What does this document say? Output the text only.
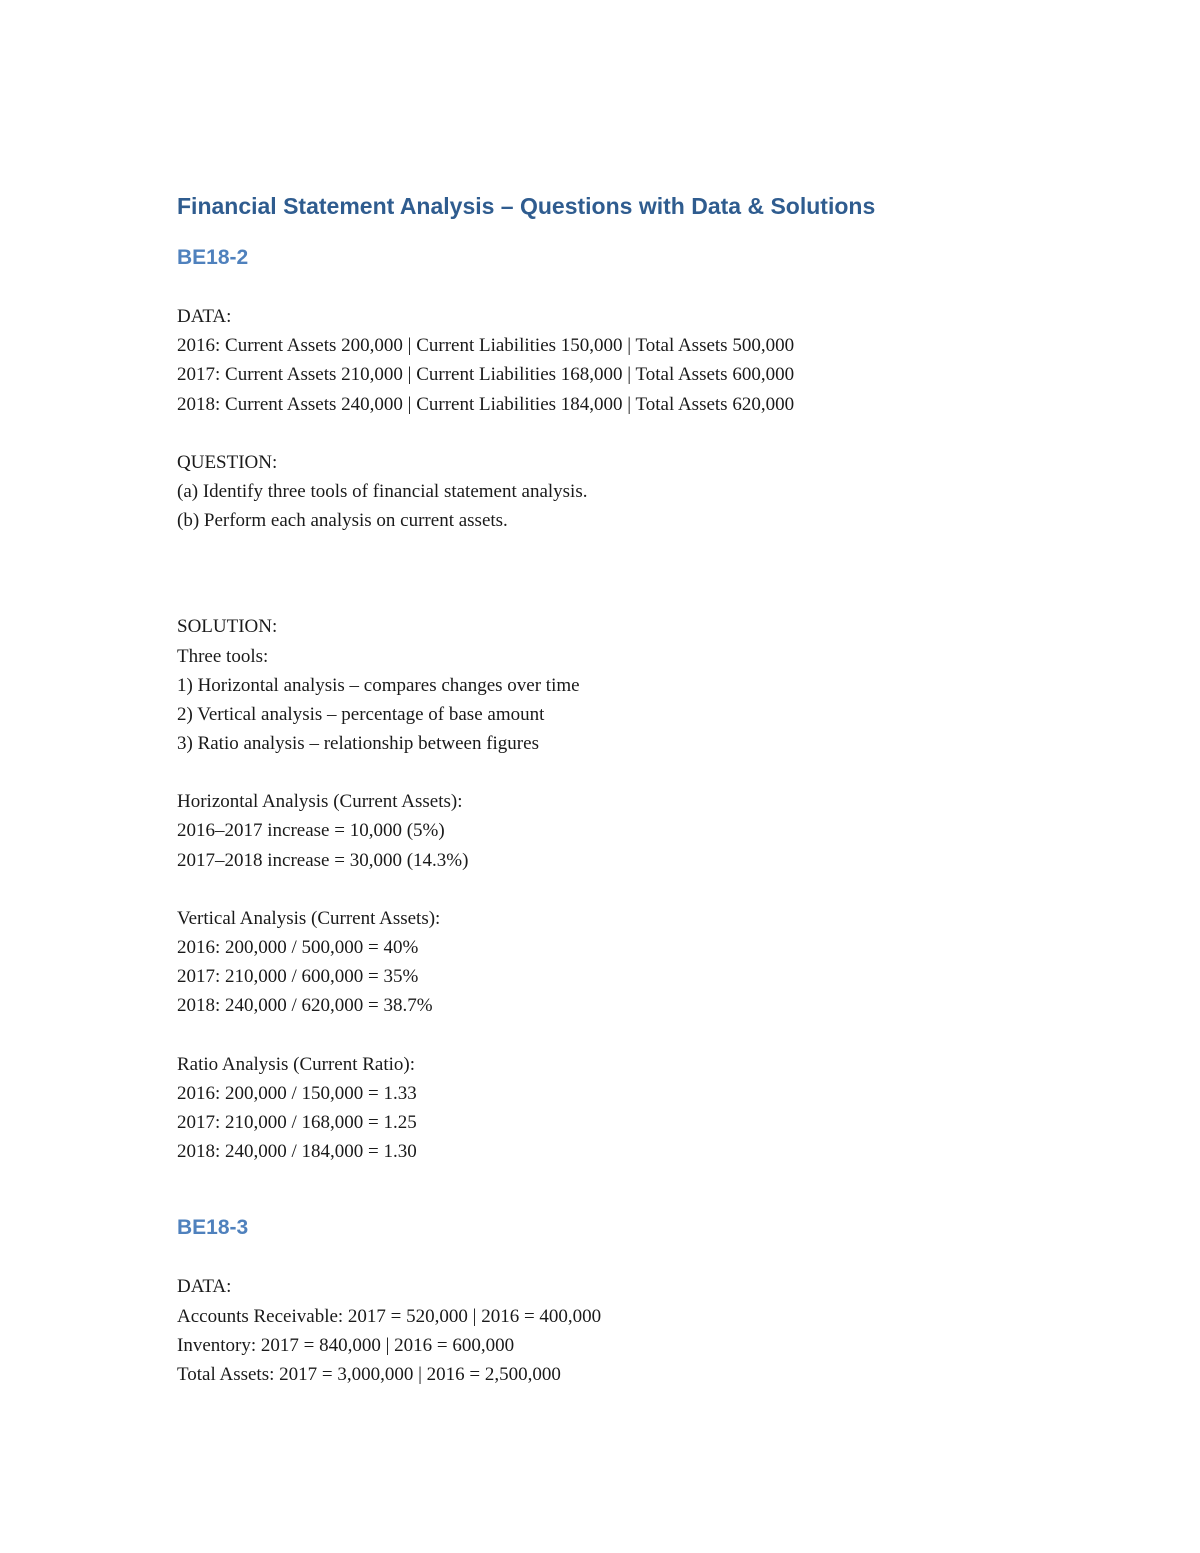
Financial Statement Analysis – Questions with Data & Solutions
BE18-2
DATA:
2016: Current Assets 200,000 | Current Liabilities 150,000 | Total Assets 500,000
2017: Current Assets 210,000 | Current Liabilities 168,000 | Total Assets 600,000
2018: Current Assets 240,000 | Current Liabilities 184,000 | Total Assets 620,000
QUESTION:
(a) Identify three tools of financial statement analysis.
(b) Perform each analysis on current assets.
SOLUTION:
Three tools:
1) Horizontal analysis – compares changes over time
2) Vertical analysis – percentage of base amount
3) Ratio analysis – relationship between figures
Horizontal Analysis (Current Assets):
2016–2017 increase = 10,000 (5%)
2017–2018 increase = 30,000 (14.3%)
Vertical Analysis (Current Assets):
2016: 200,000 / 500,000 = 40%
2017: 210,000 / 600,000 = 35%
2018: 240,000 / 620,000 = 38.7%
Ratio Analysis (Current Ratio):
2016: 200,000 / 150,000 = 1.33
2017: 210,000 / 168,000 = 1.25
2018: 240,000 / 184,000 = 1.30
BE18-3
DATA:
Accounts Receivable: 2017 = 520,000 | 2016 = 400,000
Inventory: 2017 = 840,000 | 2016 = 600,000
Total Assets: 2017 = 3,000,000 | 2016 = 2,500,000
